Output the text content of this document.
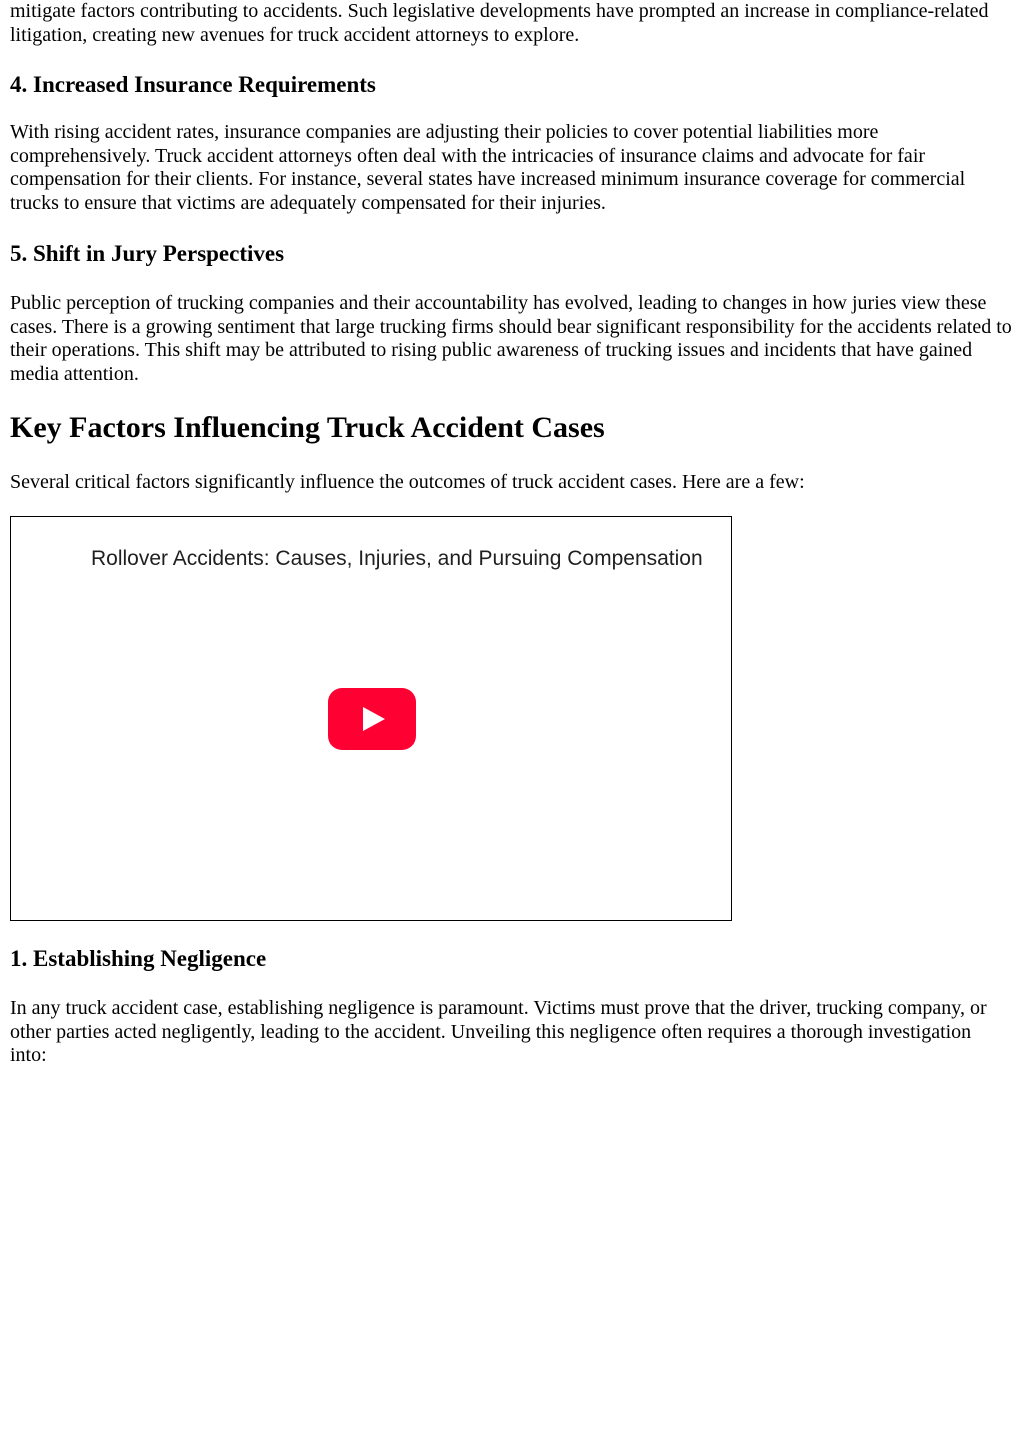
mitigate factors contributing to accidents. Such legislative developments have prompted an increase in compliance-related litigation, creating new avenues for truck accident attorneys to explore.

4. Increased Insurance Requirements

With rising accident rates, insurance companies are adjusting their policies to cover potential liabilities more comprehensively. Truck accident attorneys often deal with the intricacies of insurance claims and advocate for fair compensation for their clients. For instance, several states have increased minimum insurance coverage for commercial trucks to ensure that victims are adequately compensated for their injuries.

5. Shift in Jury Perspectives

Public perception of trucking companies and their accountability has evolved, leading to changes in how juries view these cases. There is a growing sentiment that large trucking firms should bear significant responsibility for the accidents related to their operations. This shift may be attributed to rising public awareness of trucking issues and incidents that have gained media attention.

Key Factors Influencing Truck Accident Cases

Several critical factors significantly influence the outcomes of truck accident cases. Here are a few:

1. Establishing Negligence

In any truck accident case, establishing negligence is paramount. Victims must prove that the driver, trucking company, or other parties acted negligently, leading to the accident. Unveiling this negligence often requires a thorough investigation into:

Rollover Accidents: Causes, Injuries, and Pursuing Compensation
